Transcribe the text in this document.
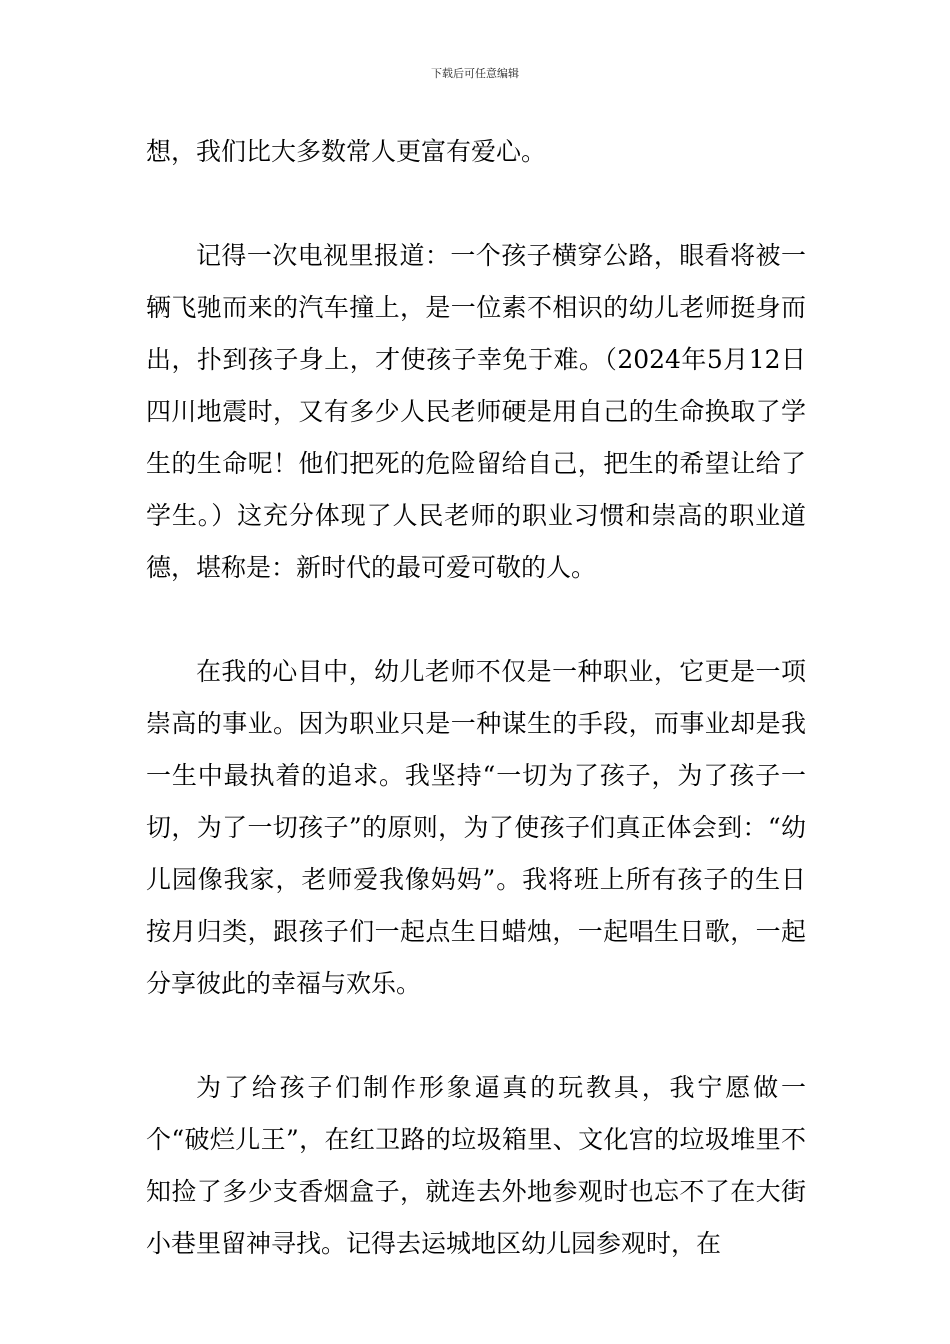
下载后可任意编辑

想，我们比大多数常人更富有爱心。

记得一次电视里报道：一个孩子横穿公路，眼看将被一辆飞驰而来的汽车撞上，是一位素不相识的幼儿老师挺身而出，扑到孩子身上，才使孩子幸免于难。（2024年5月12日四川地震时，又有多少人民老师硬是用自己的生命换取了学生的生命呢！他们把死的危险留给自己，把生的希望让给了学生。）这充分体现了人民老师的职业习惯和崇高的职业道德，堪称是：新时代的最可爱可敬的人。

在我的心目中，幼儿老师不仅是一种职业，它更是一项崇高的事业。因为职业只是一种谋生的手段，而事业却是我一生中最执着的追求。我坚持“一切为了孩子，为了孩子一切，为了一切孩子”的原则，为了使孩子们真正体会到：“幼儿园像我家，老师爱我像妈妈”。我将班上所有孩子的生日按月归类，跟孩子们一起点生日蜡烛，一起唱生日歌，一起分享彼此的幸福与欢乐。

为了给孩子们制作形象逼真的玩教具，我宁愿做一个“破烂儿王”，在红卫路的垃圾箱里、文化宫的垃圾堆里不知捡了多少支香烟盒子，就连去外地参观时也忘不了在大街小巷里留神寻找。记得去运城地区幼儿园参观时，在
